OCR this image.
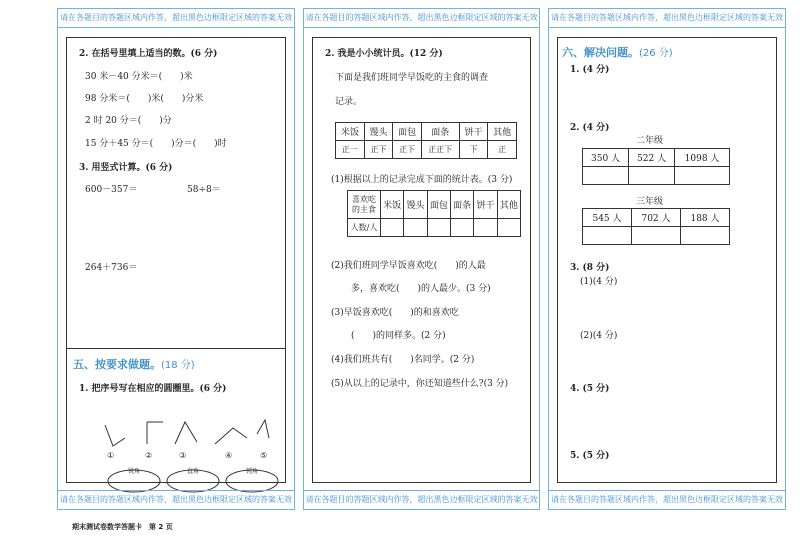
请在各题目的答题区域内作答，超出黑色边框限定区域的答案无效
2. 在括号里填上适当的数。(6 分)
30 米－40 分米＝(　　)米
98 分米＝(　　)米(　　)分米
2 时 20 分＝(　　)分
15 分＋45 分＝(　　)分＝(　　)时
3. 用竖式计算。(6 分)
600－357＝	58÷8＝
264＋736＝
五、按要求做题。(18 分)
1. 把序号写在相应的圆圈里。(6 分)
①	②	③	④	⑤
锐角	直角	钝角
请在各题目的答题区域内作答，超出黑色边框限定区域的答案无效
请在各题目的答题区域内作答，超出黑色边框限定区域的答案无效
2. 我是小小统计员。(12 分)
下面是我们班同学早饭吃的主食的调查
记录。
米饭	馒头	面包	面条	饼干	其他
正一	正下	正下	正正下	下	正
(1)根据以上的记录完成下面的统计表。(3 分)
喜欢吃
的主食	米饭	馒头	面包	面条	饼干	其他
人数/人						
(2)我们班同学早饭喜欢吃(　　)的人最
多，喜欢吃(　　)的人最少。(3 分)
(3)早饭喜欢吃(　　)的和喜欢吃
(　　)的同样多。(2 分)
(4)我们班共有(　　)名同学。(2 分)
(5)从以上的记录中，你还知道些什么?(3 分)
请在各题目的答题区域内作答，超出黑色边框限定区域的答案无效
请在各题目的答题区域内作答，超出黑色边框限定区域的答案无效
六、解决问题。(26 分)
1. (4 分)
2. (4 分)
二年级
350 人	522 人	1098 人

三年级
545 人	702 人	188 人

3. (8 分)
(1)(4 分)
(2)(4 分)
4. (5 分)
5. (5 分)
请在各题目的答题区域内作答，超出黑色边框限定区域的答案无效
期末测试卷数学答题卡　第 2 页
